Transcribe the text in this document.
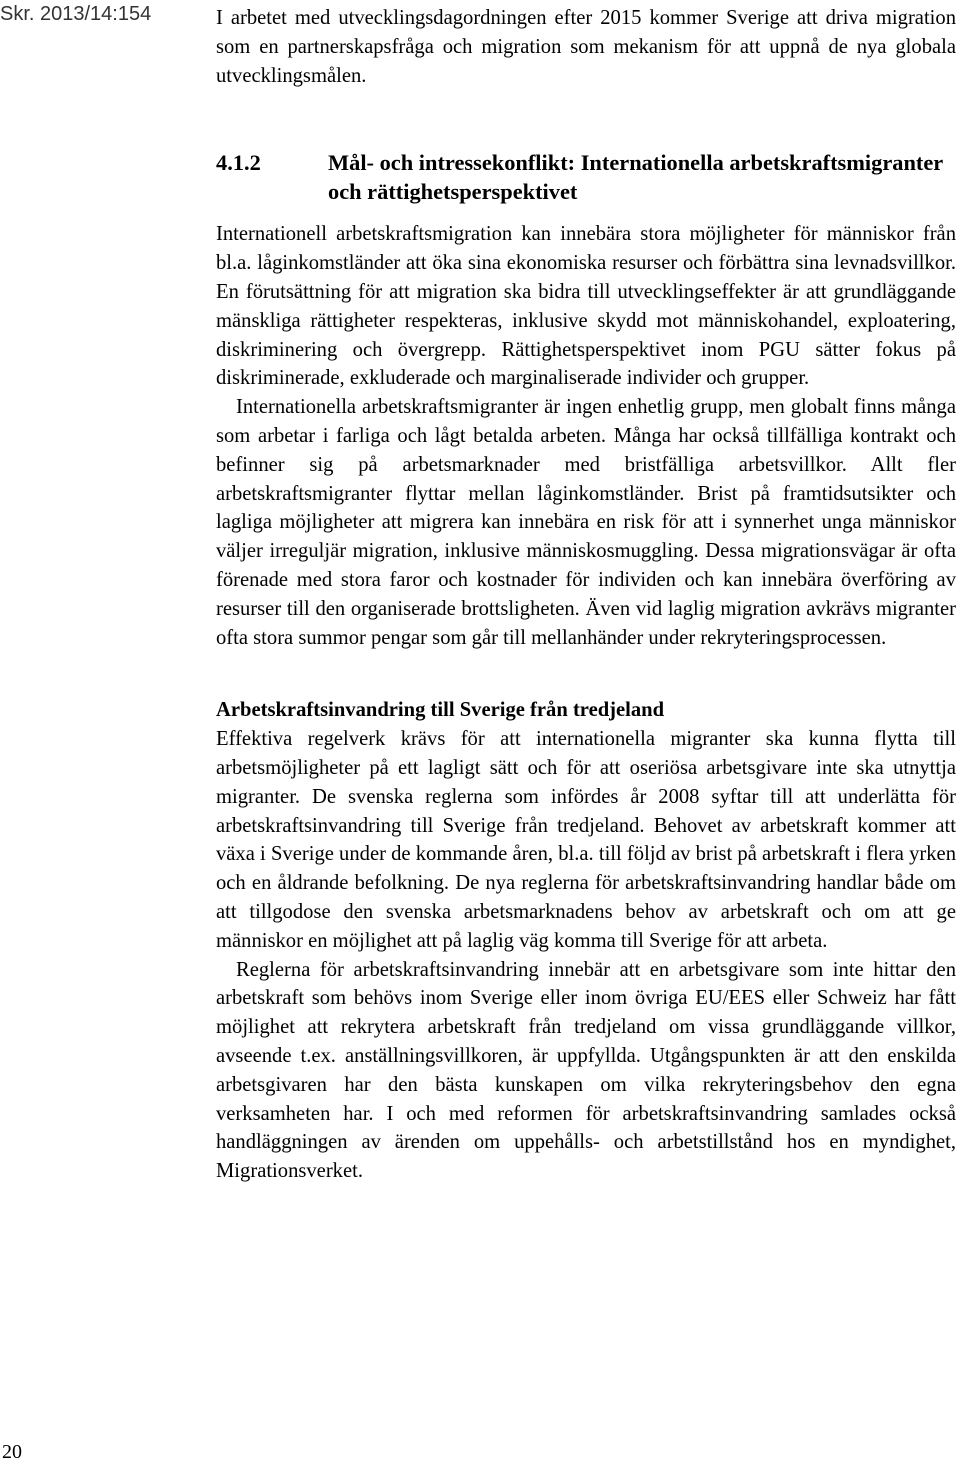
Skr. 2013/14:154	I arbetet med utvecklingsdagordningen efter 2015 kommer Sverige att driva migration som en partnerskapsfråga och migration som mekanism för att uppnå de nya globala utvecklingsmålen.

4.1.2	Mål- och intressekonflikt: Internationella arbetskraftsmigranter och rättighetsperspektivet

Internationell arbetskraftsmigration kan innebära stora möjligheter för människor från bl.a. låginkomstländer att öka sina ekonomiska resurser och förbättra sina levnadsvillkor. En förutsättning för att migration ska bidra till utvecklingseffekter är att grundläggande mänskliga rättigheter respekteras, inklusive skydd mot människohandel, exploatering, diskriminering och övergrepp. Rättighetsperspektivet inom PGU sätter fokus på diskriminerade, exkluderade och marginaliserade individer och grupper.

Internationella arbetskraftsmigranter är ingen enhetlig grupp, men globalt finns många som arbetar i farliga och lågt betalda arbeten. Många har också tillfälliga kontrakt och befinner sig på arbetsmarknader med bristfälliga arbetsvillkor. Allt fler arbetskraftsmigranter flyttar mellan låginkomstländer. Brist på framtidsutsikter och lagliga möjligheter att migrera kan innebära en risk för att i synnerhet unga människor väljer irreguljär migration, inklusive människosmuggling. Dessa migrationsvägar är ofta förenade med stora faror och kostnader för individen och kan innebära överföring av resurser till den organiserade brottsligheten. Även vid laglig migration avkrävs migranter ofta stora summor pengar som går till mellanhänder under rekryteringsprocessen.

Arbetskraftsinvandring till Sverige från tredjeland

Effektiva regelverk krävs för att internationella migranter ska kunna flytta till arbetsmöjligheter på ett lagligt sätt och för att oseriösa arbetsgivare inte ska utnyttja migranter. De svenska reglerna som infördes år 2008 syftar till att underlätta för arbetskraftsinvandring till Sverige från tredjeland. Behovet av arbetskraft kommer att växa i Sverige under de kommande åren, bl.a. till följd av brist på arbetskraft i flera yrken och en åldrande befolkning. De nya reglerna för arbetskraftsinvandring handlar både om att tillgodose den svenska arbetsmarknadens behov av arbetskraft och om att ge människor en möjlighet att på laglig väg komma till Sverige för att arbeta.

Reglerna för arbetskraftsinvandring innebär att en arbetsgivare som inte hittar den arbetskraft som behövs inom Sverige eller inom övriga EU/EES eller Schweiz har fått möjlighet att rekrytera arbetskraft från tredjeland om vissa grundläggande villkor, avseende t.ex. anställningsvillkoren, är uppfyllda. Utgångspunkten är att den enskilda arbetsgivaren har den bästa kunskapen om vilka rekryteringsbehov den egna verksamheten har. I och med reformen för arbetskraftsinvandring samlades också handläggningen av ärenden om uppehålls- och arbetstillstånd hos en myndighet, Migrationsverket.

20
